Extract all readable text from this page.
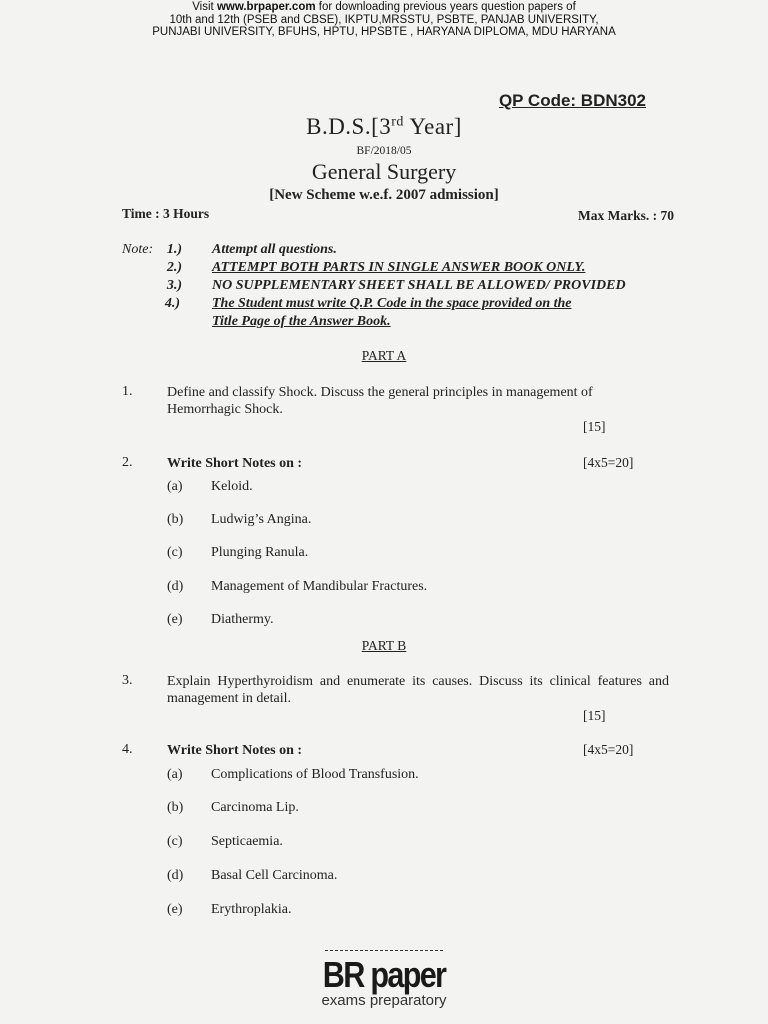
Visit www.brpaper.com for downloading previous years question papers of
10th and 12th (PSEB and CBSE), IKPTU,MRSSTU, PSBTE, PANJAB UNIVERSITY,
PUNJABI UNIVERSITY, BFUHS, HPTU, HPSBTE , HARYANA DIPLOMA, MDU HARYANA
QP Code: BDN302
B.D.S.[3rd Year]
BF/2018/05
General Surgery
[New Scheme w.e.f. 2007 admission]
Time : 3 Hours	Max Marks. : 70
Note: 1.) Attempt all questions.
2.) ATTEMPT BOTH PARTS IN SINGLE ANSWER BOOK ONLY.
3.) NO SUPPLEMENTARY SHEET SHALL BE ALLOWED/ PROVIDED
4.) The Student must write Q.P. Code in the space provided on the
Title Page of the Answer Book.
PART A
1. Define and classify Shock. Discuss the general principles in management of Hemorrhagic Shock.
[15]
2. Write Short Notes on :	[4x5=20]
(a) Keloid.
(b) Ludwig’s Angina.
(c) Plunging Ranula.
(d) Management of Mandibular Fractures.
(e) Diathermy.
PART B
3. Explain Hyperthyroidism and enumerate its causes. Discuss its clinical features and management in detail.
[15]
4. Write Short Notes on :	[4x5=20]
(a) Complications of Blood Transfusion.
(b) Carcinoma Lip.
(c) Septicaemia.
(d) Basal Cell Carcinoma.
(e) Erythroplakia.
BR paper
exams preparatory
